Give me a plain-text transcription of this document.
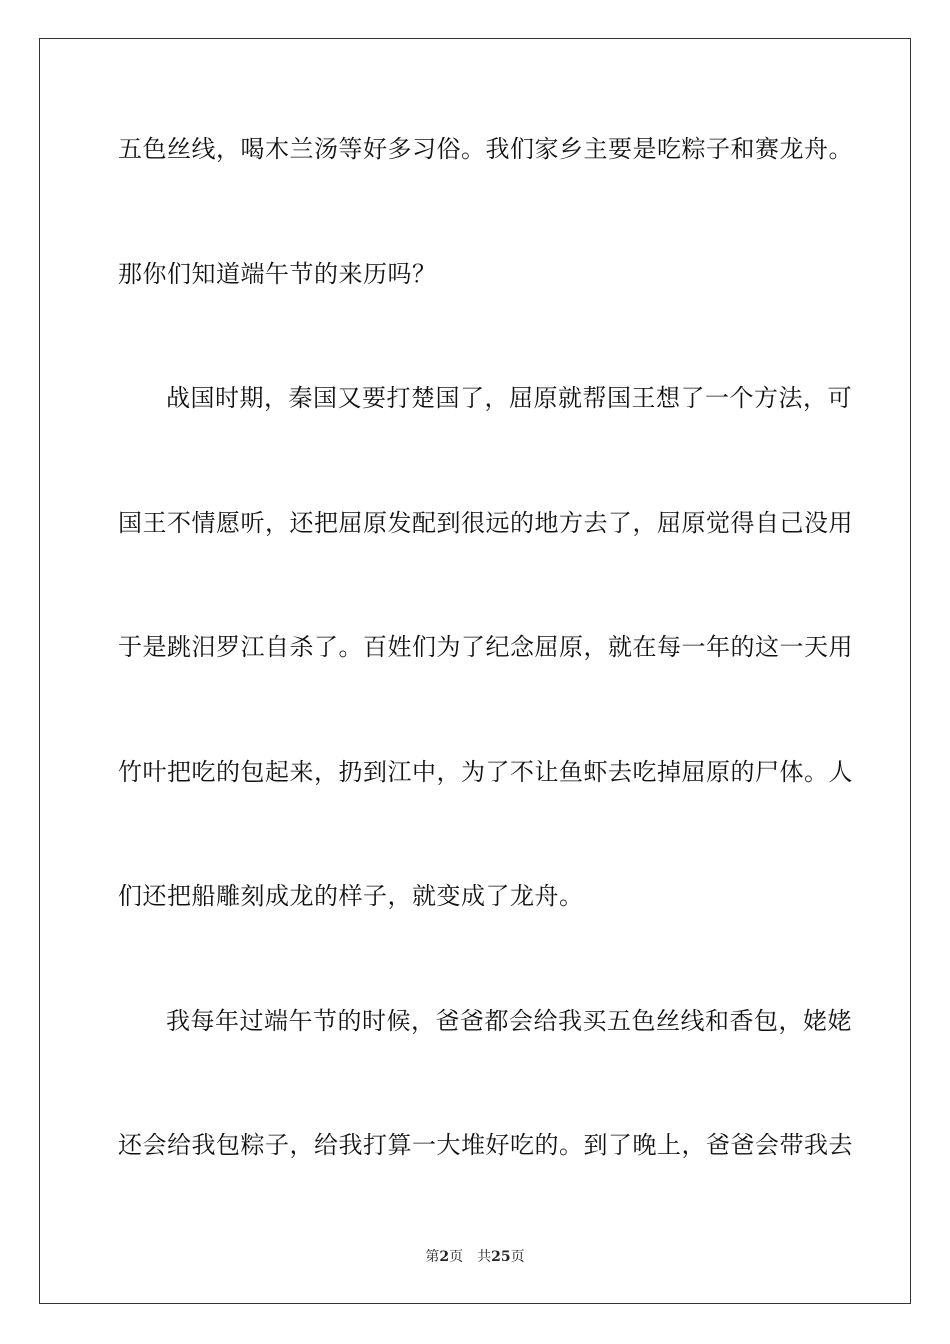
五色丝线，喝木兰汤等好多习俗。我们家乡主要是吃粽子和赛龙舟。
那你们知道端午节的来历吗？
战国时期，秦国又要打楚国了，屈原就帮国王想了一个方法，可
国王不情愿听，还把屈原发配到很远的地方去了，屈原觉得自己没用
于是跳汨罗江自杀了。百姓们为了纪念屈原，就在每一年的这一天用
竹叶把吃的包起来，扔到江中，为了不让鱼虾去吃掉屈原的尸体。人
们还把船雕刻成龙的样子，就变成了龙舟。
我每年过端午节的时候，爸爸都会给我买五色丝线和香包，姥姥
还会给我包粽子，给我打算一大堆好吃的。到了晚上，爸爸会带我去
第2页 共25页
